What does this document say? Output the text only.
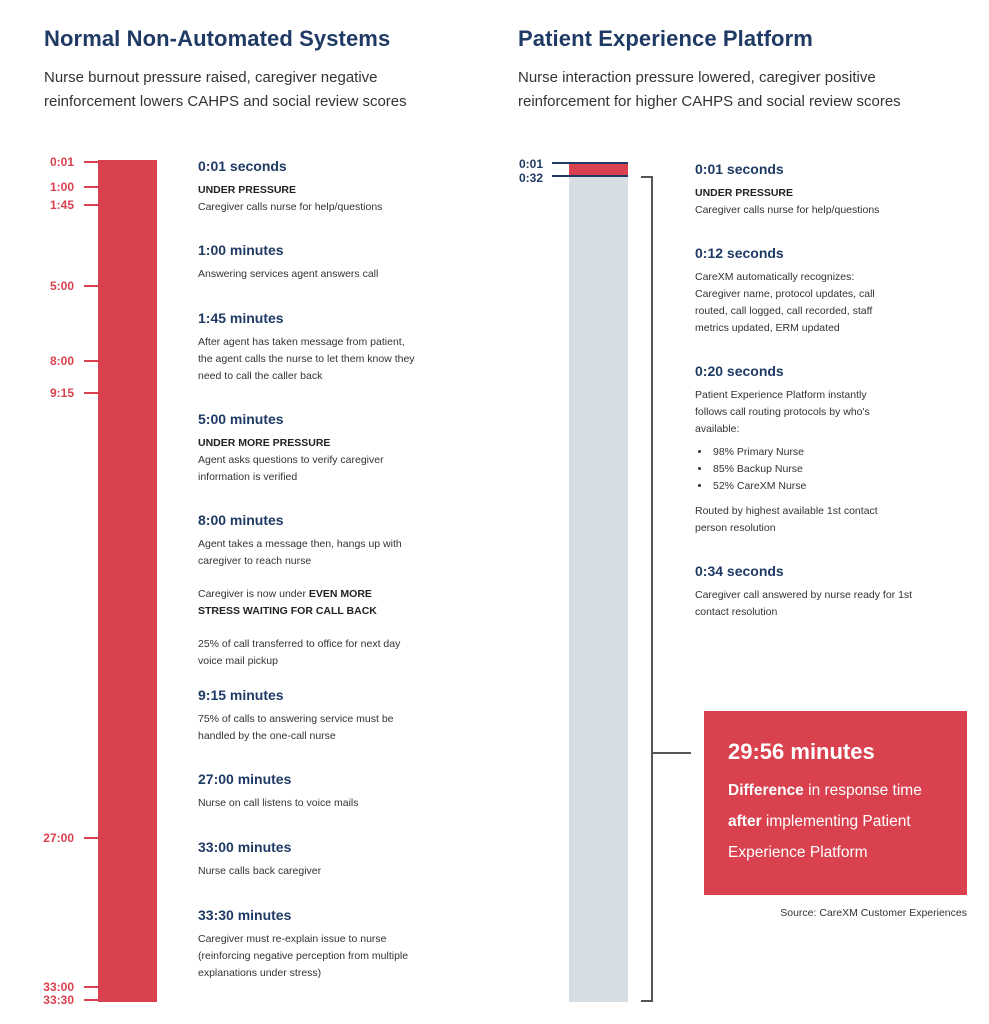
Normal Non-Automated Systems
Nurse burnout pressure raised, caregiver negative
reinforcement lowers CAHPS and social review scores
0:01
1:00
1:45
5:00
8:00
9:15
27:00
33:00
33:30
0:01 seconds
UNDER PRESSURE
Caregiver calls nurse for help/questions
1:00 minutes
Answering services agent answers call
1:45 minutes
After agent has taken message from patient, the agent calls the nurse to let them know they need to call the caller back
5:00 minutes
UNDER MORE PRESSURE
Agent asks questions to verify caregiver information is verified
8:00 minutes
Agent takes a message then, hangs up with caregiver to reach nurse
Caregiver is now under EVEN MORE STRESS WAITING FOR CALL BACK
25% of call transferred to office for next day voice mail pickup
9:15 minutes
75% of calls to answering service must be handled by the one-call nurse
27:00 minutes
Nurse on call listens to voice mails
33:00 minutes
Nurse calls back caregiver
33:30 minutes
Caregiver must re-explain issue to nurse (reinforcing negative perception from multiple explanations under stress)
Patient Experience Platform
Nurse interaction pressure lowered, caregiver positive
reinforcement for higher CAHPS and social review scores
0:01
0:32
0:01 seconds
UNDER PRESSURE
Caregiver calls nurse for help/questions
0:12 seconds
CareXM automatically recognizes: Caregiver name, protocol updates, call routed, call logged, call recorded, staff metrics updated, ERM updated
0:20 seconds
Patient Experience Platform instantly follows call routing protocols by who's available:
• 98% Primary Nurse
• 85% Backup Nurse
• 52% CareXM Nurse
Routed by highest available 1st contact person resolution
0:34 seconds
Caregiver call answered by nurse ready for 1st contact resolution
29:56 minutes
Difference in response time
after implementing Patient
Experience Platform
Source: CareXM Customer Experiences
